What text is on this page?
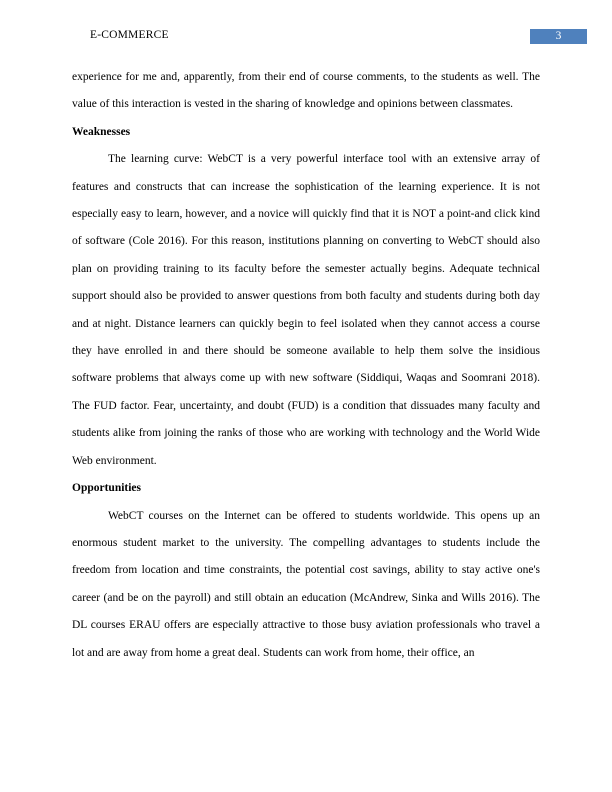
E-COMMERCE	3

experience for me and, apparently, from their end of course comments, to the students as well. The value of this interaction is vested in the sharing of knowledge and opinions between classmates.

Weaknesses

The learning curve: WebCT is a very powerful interface tool with an extensive array of features and constructs that can increase the sophistication of the learning experience. It is not especially easy to learn, however, and a novice will quickly find that it is NOT a point-and click kind of software (Cole 2016). For this reason, institutions planning on converting to WebCT should also plan on providing training to its faculty before the semester actually begins. Adequate technical support should also be provided to answer questions from both faculty and students during both day and at night. Distance learners can quickly begin to feel isolated when they cannot access a course they have enrolled in and there should be someone available to help them solve the insidious software problems that always come up with new software (Siddiqui, Waqas and Soomrani 2018). The FUD factor. Fear, uncertainty, and doubt (FUD) is a condition that dissuades many faculty and students alike from joining the ranks of those who are working with technology and the World Wide Web environment.

Opportunities

WebCT courses on the Internet can be offered to students worldwide. This opens up an enormous student market to the university. The compelling advantages to students include the freedom from location and time constraints, the potential cost savings, ability to stay active one's career (and be on the payroll) and still obtain an education (McAndrew, Sinka and Wills 2016). The DL courses ERAU offers are especially attractive to those busy aviation professionals who travel a lot and are away from home a great deal. Students can work from home, their office, an
